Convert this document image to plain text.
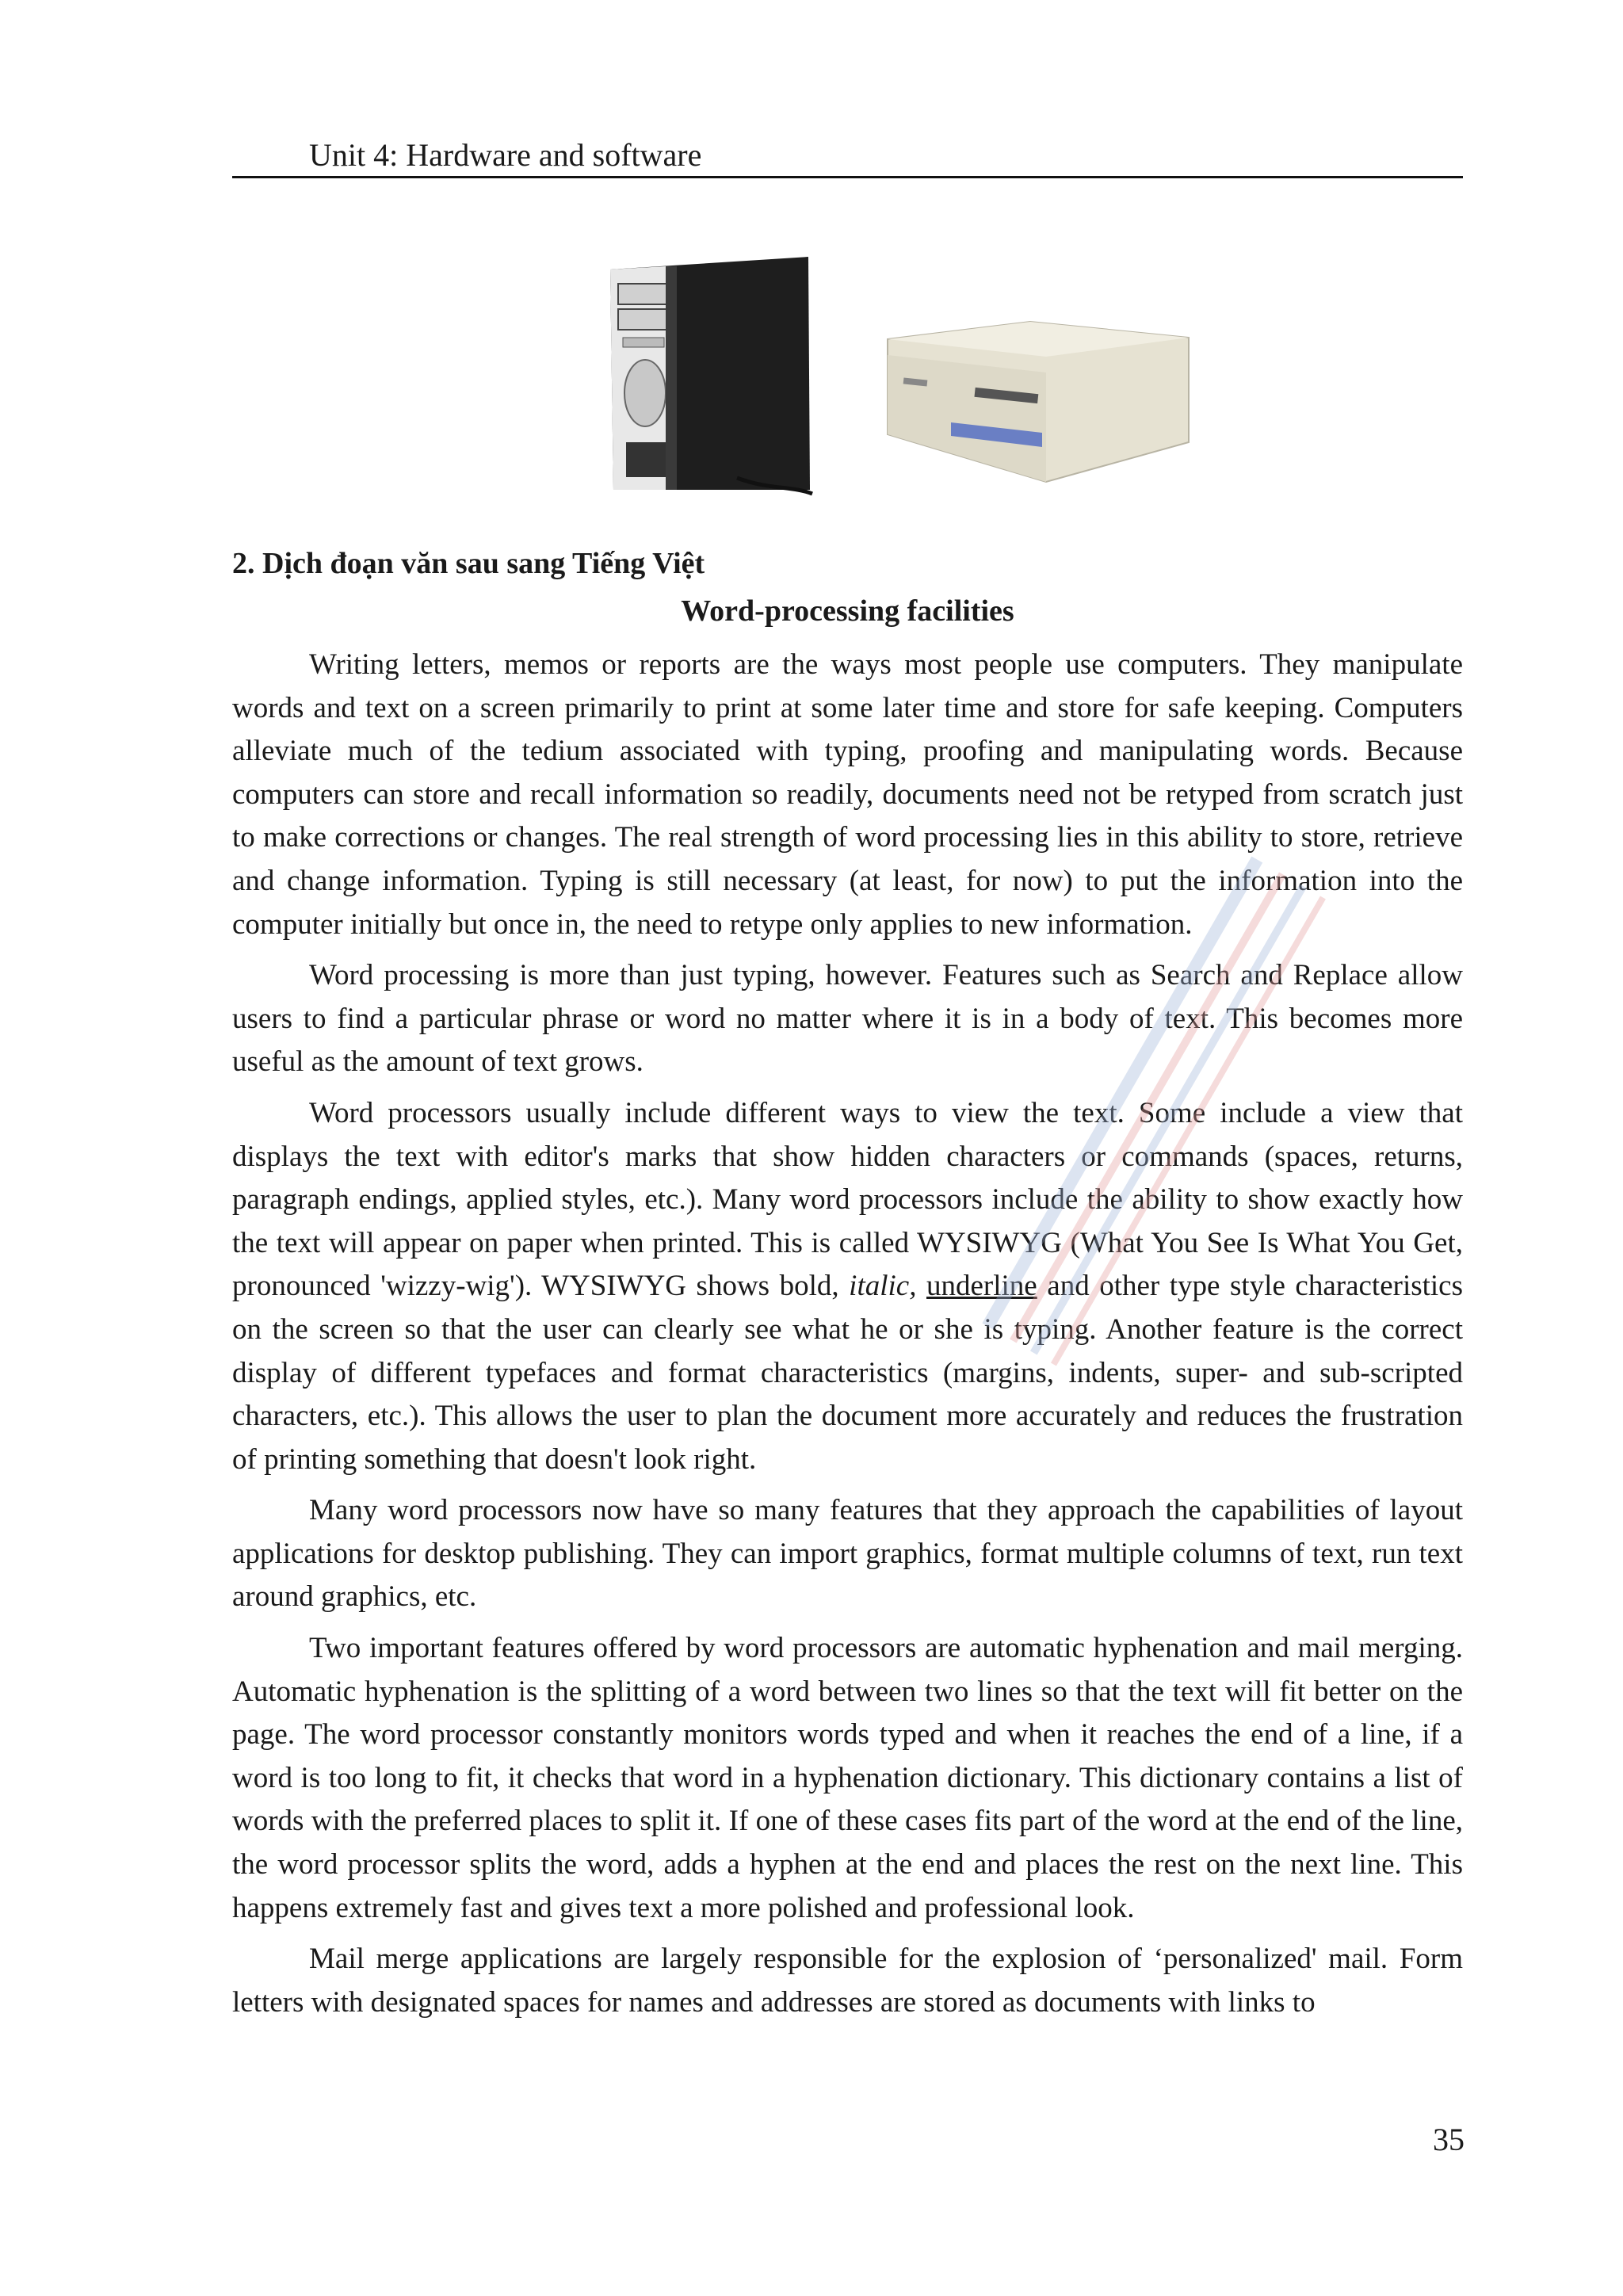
Unit 4: Hardware and software
2. Dịch đoạn văn sau sang Tiếng Việt
Word-processing facilities

Writing letters, memos or reports are the ways most people use computers. They manipulate words and text on a screen primarily to print at some later time and store for safe keeping. Computers alleviate much of the tedium associated with typing, proofing and manipulating words. Because computers can store and recall information so readily, documents need not be retyped from scratch just to make corrections or changes. The real strength of word processing lies in this ability to store, retrieve and change information. Typing is still necessary (at least, for now) to put the information into the computer initially but once in, the need to retype only applies to new information.

Word processing is more than just typing, however. Features such as Search and Replace allow users to find a particular phrase or word no matter where it is in a body of text. This becomes more useful as the amount of text grows.

Word processors usually include different ways to view the text. Some include a view that displays the text with editor's marks that show hidden characters or commands (spaces, returns, paragraph endings, applied styles, etc.). Many word processors include the ability to show exactly how the text will appear on paper when printed. This is called WYSIWYG (What You See Is What You Get, pronounced 'wizzy-wig'). WYSIWYG shows bold, italic, underline and other type style characteristics on the screen so that the user can clearly see what he or she is typing. Another feature is the correct display of different typefaces and format characteristics (margins, indents, super- and sub-scripted characters, etc.). This allows the user to plan the document more accurately and reduces the frustration of printing something that doesn't look right.

Many word processors now have so many features that they approach the capabilities of layout applications for desktop publishing. They can import graphics, format multiple columns of text, run text around graphics, etc.

Two important features offered by word processors are automatic hyphenation and mail merging. Automatic hyphenation is the splitting of a word between two lines so that the text will fit better on the page. The word processor constantly monitors words typed and when it reaches the end of a line, if a word is too long to fit, it checks that word in a hyphenation dictionary. This dictionary contains a list of words with the preferred places to split it. If one of these cases fits part of the word at the end of the line, the word processor splits the word, adds a hyphen at the end and places the rest on the next line. This happens extremely fast and gives text a more polished and professional look.

Mail merge applications are largely responsible for the explosion of ‘personalized' mail. Form letters with designated spaces for names and addresses are stored as documents with links to

35
